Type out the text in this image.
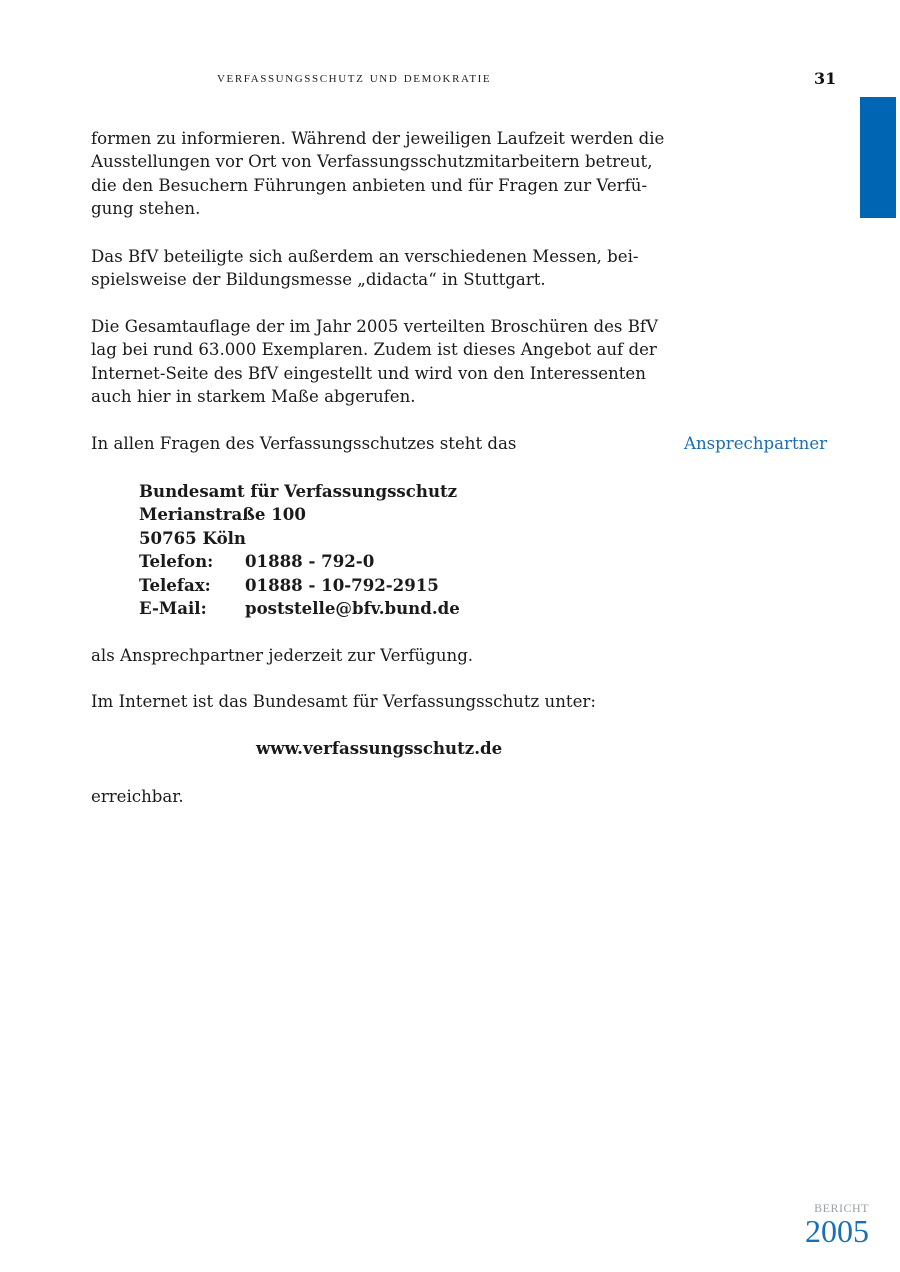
verfassungsschutz und demokratie	31

formen zu informieren. Während der jeweiligen Laufzeit werden die

Ausstellungen vor Ort von Verfassungsschutzmitarbeitern betreut,

die den Besuchern Führungen anbieten und für Fragen zur Verfü-

gung stehen.

Das BfV beteiligte sich außerdem an verschiedenen Messen, bei-

spielsweise der Bildungsmesse „didacta“ in Stuttgart.

Die Gesamtauflage der im Jahr 2005 verteilten Broschüren des BfV

lag bei rund 63.000 Exemplaren. Zudem ist dieses Angebot auf der

Internet-Seite des BfV eingestellt und wird von den Interessenten

auch hier in starkem Maße abgerufen.

In allen Fragen des Verfassungsschutzes steht das	Ansprechpartner
Bundesamt für Verfassungsschutz
Merianstraße 100
50765 Köln
Telefon:	01888 - 792-0
Telefax:	01888 - 10-792-2915
E-Mail:	poststelle@bfv.bund.de

als Ansprechpartner jederzeit zur Verfügung.

Im Internet ist das Bundesamt für Verfassungsschutz unter:

www.verfassungsschutz.de

erreichbar.

bericht
2005
